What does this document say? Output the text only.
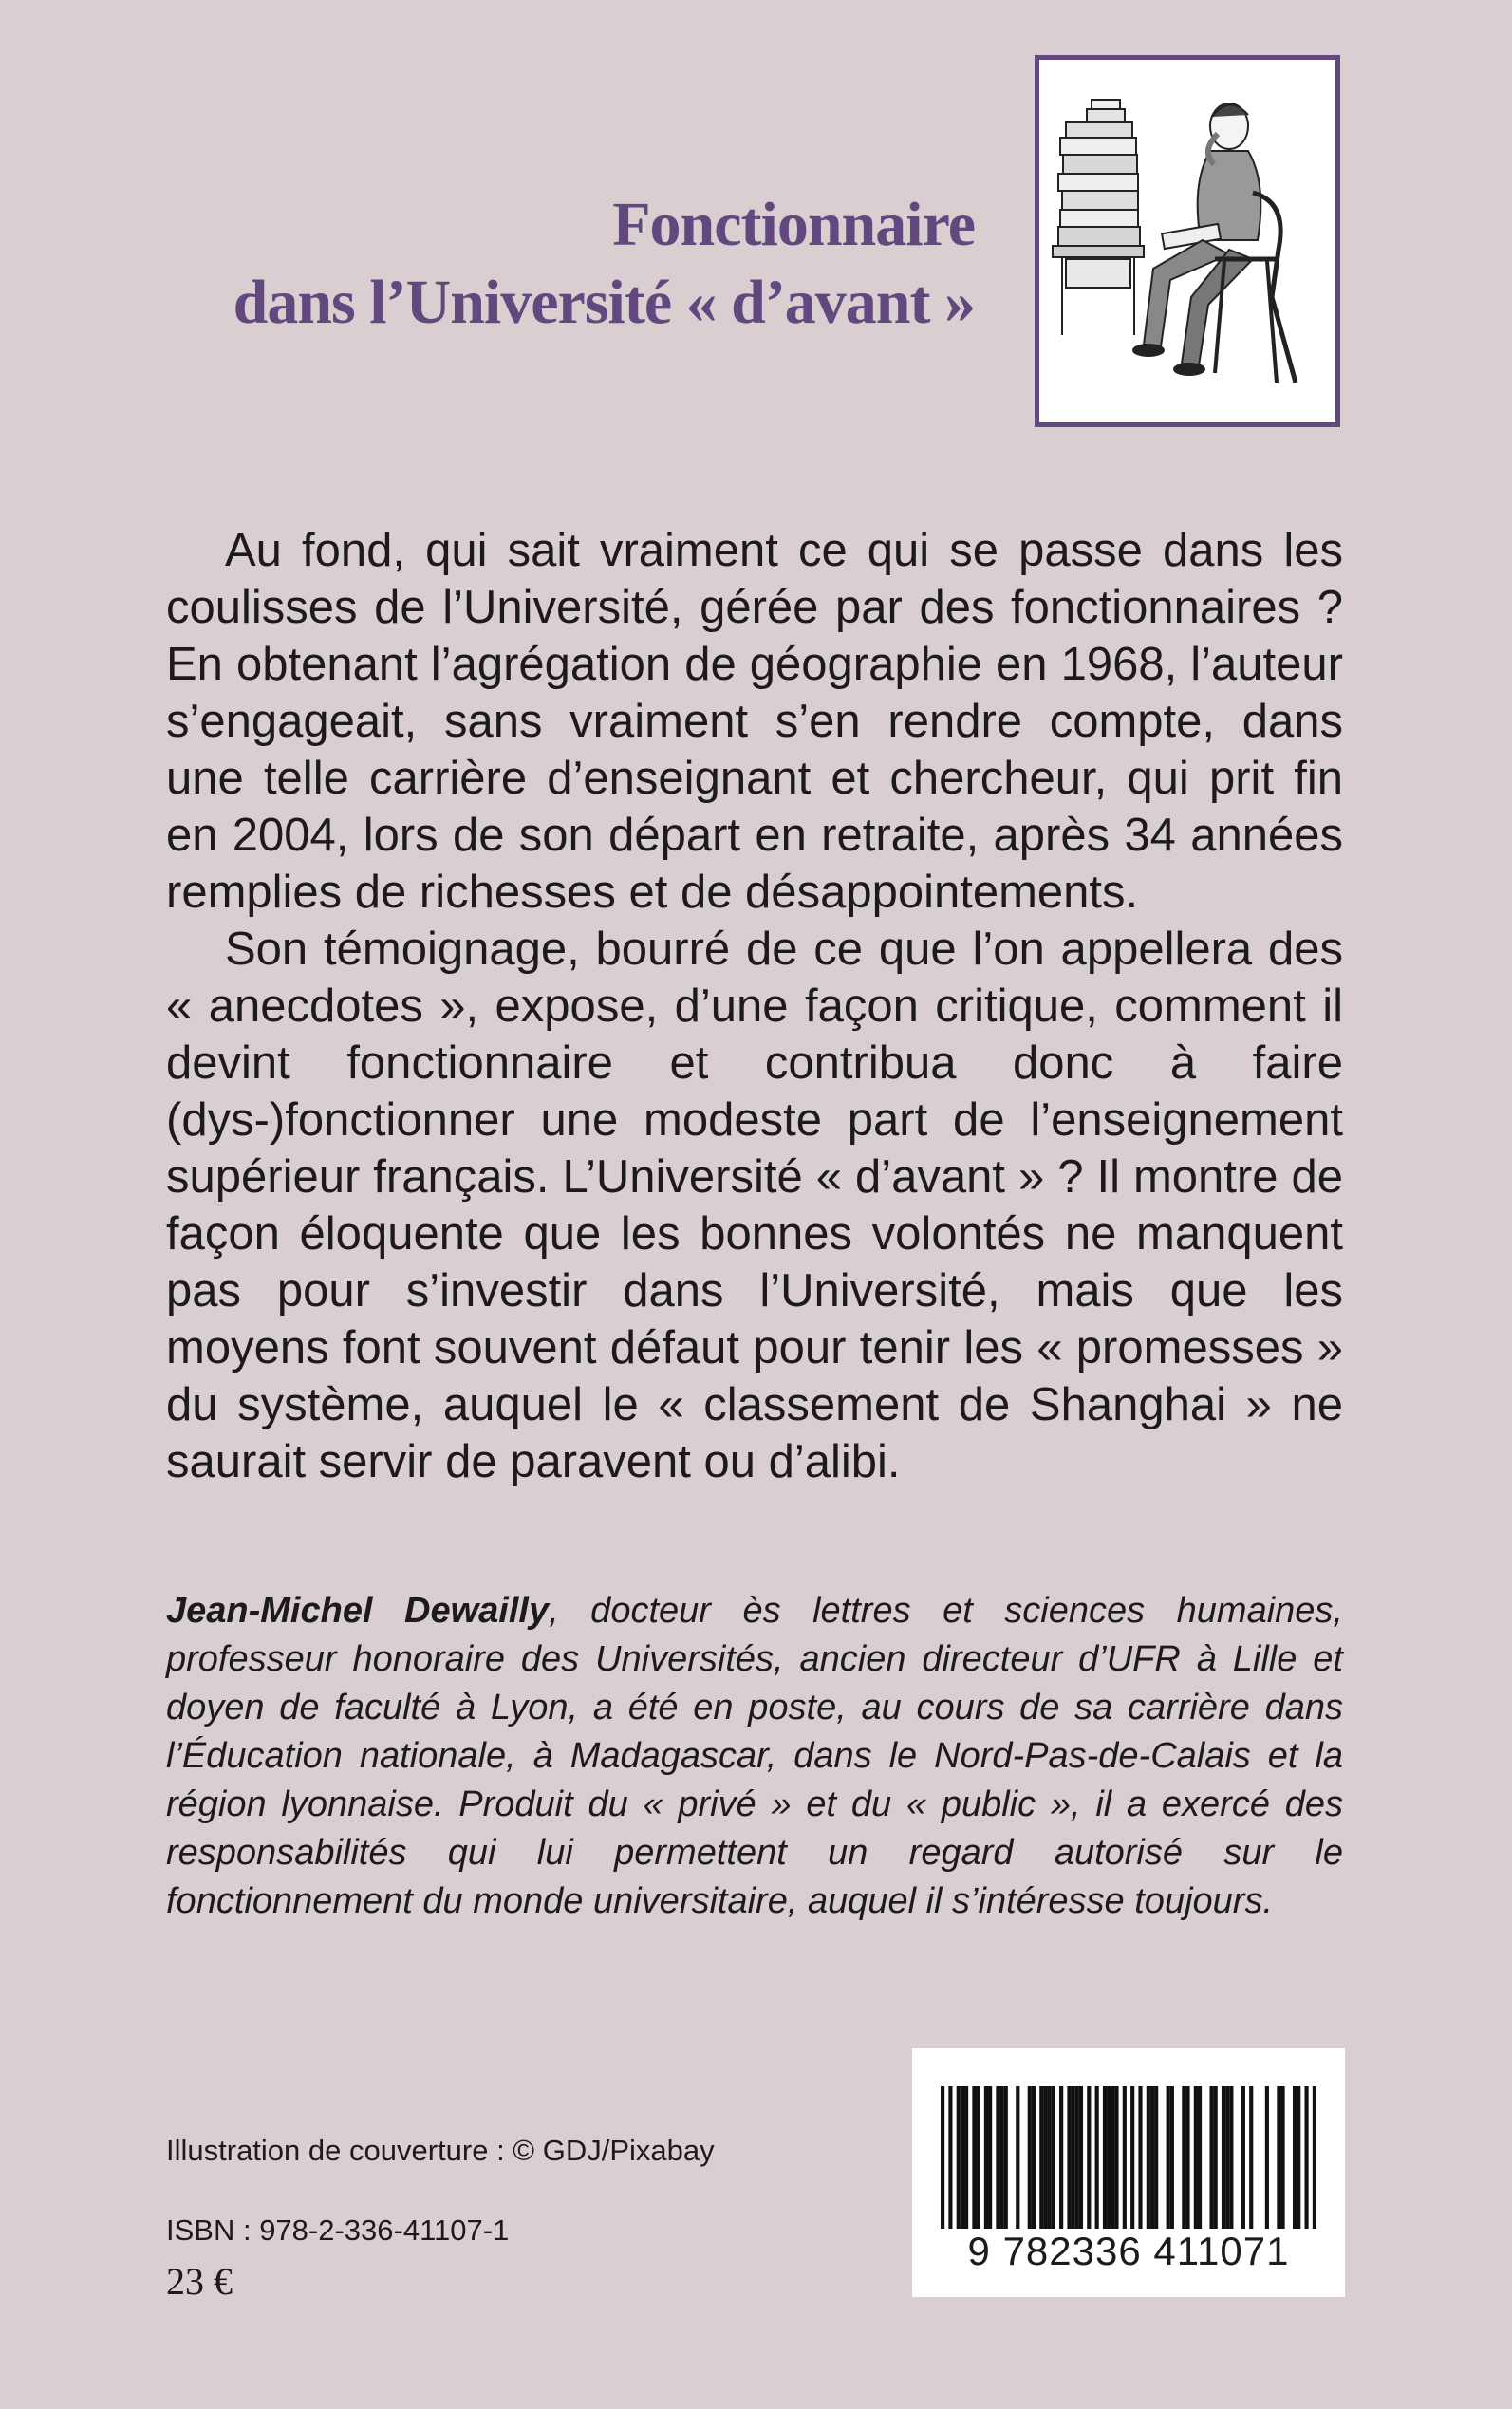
Fonctionnaire
dans l’Université « d’avant »

Au fond, qui sait vraiment ce qui se passe dans les coulisses de l’Université, gérée par des fonctionnaires ? En obtenant l’agrégation de géographie en 1968, l’auteur s’engageait, sans vraiment s’en rendre compte, dans une telle carrière d’enseignant et chercheur, qui prit fin en 2004, lors de son départ en retraite, après 34 années remplies de richesses et de désappointements.

Son témoignage, bourré de ce que l’on appellera des « anecdotes », expose, d’une façon critique, comment il devint fonctionnaire et contribua donc à faire (dys-)fonctionner une modeste part de l’enseignement supérieur français. L’Université « d’avant » ? Il montre de façon éloquente que les bonnes volontés ne manquent pas pour s’investir dans l’Université, mais que les moyens font souvent défaut pour tenir les « promesses » du système, auquel le « classement de Shanghai » ne saurait servir de paravent ou d’alibi.

Jean-Michel Dewailly, docteur ès lettres et sciences humaines, professeur honoraire des Universités, ancien directeur d’UFR à Lille et doyen de faculté à Lyon, a été en poste, au cours de sa carrière dans l’Éducation nationale, à Madagascar, dans le Nord-Pas-de-Calais et la région lyonnaise. Produit du « privé » et du « public », il a exercé des responsabilités qui lui permettent un regard autorisé sur le fonctionnement du monde universitaire, auquel il s’intéresse toujours.

Illustration de couverture : © GDJ/Pixabay
ISBN : 978-2-336-41107-1
23 €
9 782336 411071
